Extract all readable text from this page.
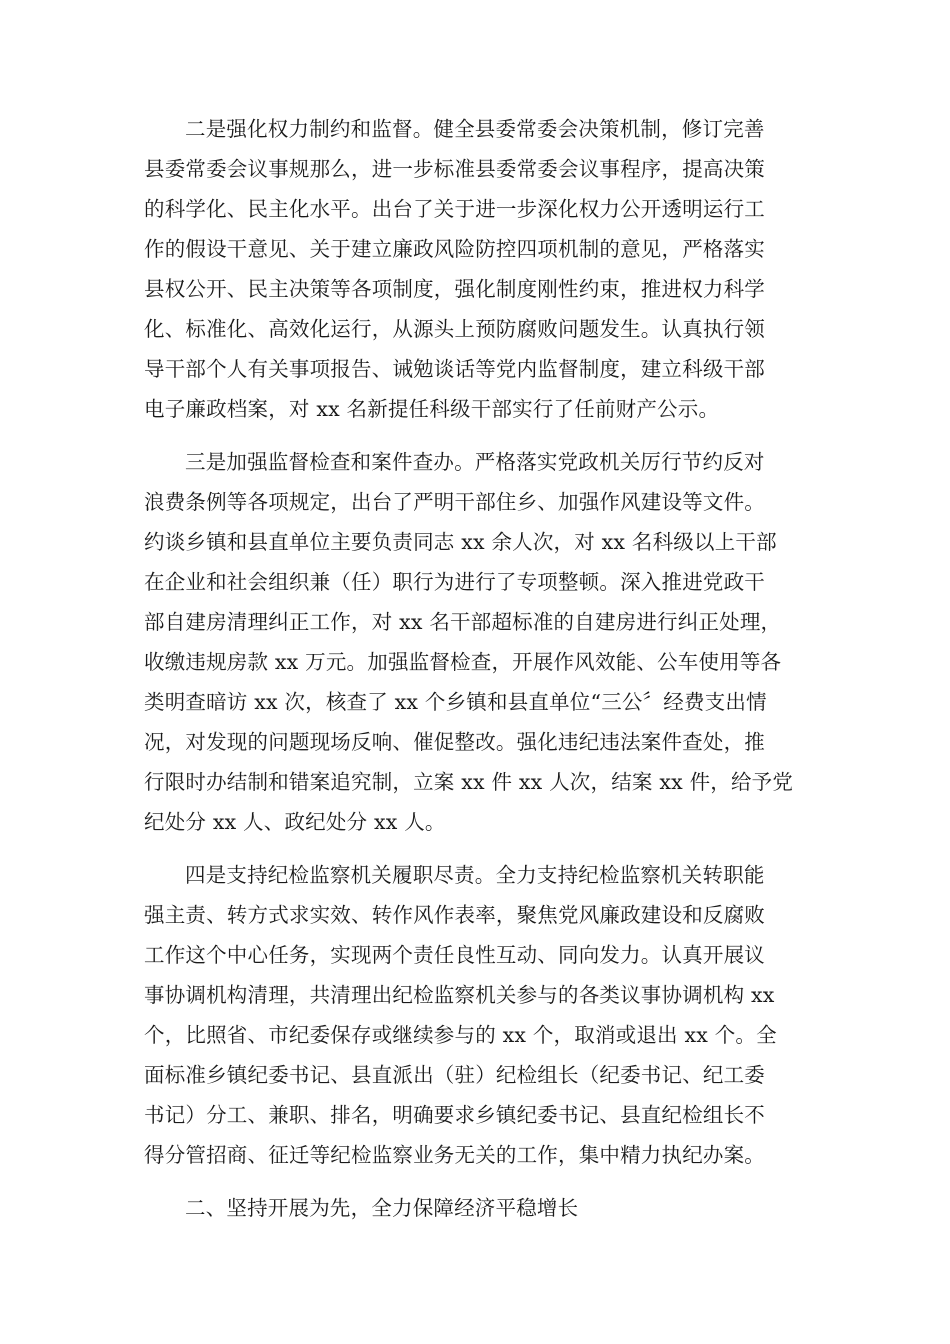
二是强化权力制约和监督。健全县委常委会决策机制，修订完善
县委常委会议事规那么，进一步标准县委常委会议事程序，提高决策
的科学化、民主化水平。出台了关于进一步深化权力公开透明运行工
作的假设干意见、关于建立廉政风险防控四项机制的意见，严格落实
县权公开、民主决策等各项制度，强化制度刚性约束，推进权力科学
化、标准化、高效化运行，从源头上预防腐败问题发生。认真执行领
导干部个人有关事项报告、诫勉谈话等党内监督制度，建立科级干部
电子廉政档案，对 xx 名新提任科级干部实行了任前财产公示。

三是加强监督检查和案件查办。严格落实党政机关厉行节约反对
浪费条例等各项规定，出台了严明干部住乡、加强作风建设等文件。
约谈乡镇和县直单位主要负责同志 xx 余人次，对 xx 名科级以上干部
在企业和社会组织兼（任）职行为进行了专项整顿。深入推进党政干
部自建房清理纠正工作，对 xx 名干部超标准的自建房进行纠正处理，
收缴违规房款 xx 万元。加强监督检查，开展作风效能、公车使用等各
类明查暗访 xx 次，核查了 xx 个乡镇和县直单位“三公〞经费支出情
况，对发现的问题现场反响、催促整改。强化违纪违法案件查处，推
行限时办结制和错案追究制，立案 xx 件 xx 人次，结案 xx 件，给予党
纪处分 xx 人、政纪处分 xx 人。

四是支持纪检监察机关履职尽责。全力支持纪检监察机关转职能
强主责、转方式求实效、转作风作表率，聚焦党风廉政建设和反腐败
工作这个中心任务，实现两个责任良性互动、同向发力。认真开展议
事协调机构清理，共清理出纪检监察机关参与的各类议事协调机构 xx
个，比照省、市纪委保存或继续参与的 xx 个，取消或退出 xx 个。全
面标准乡镇纪委书记、县直派出（驻）纪检组长（纪委书记、纪工委
书记）分工、兼职、排名，明确要求乡镇纪委书记、县直纪检组长不
得分管招商、征迁等纪检监察业务无关的工作，集中精力执纪办案。

二、坚持开展为先，全力保障经济平稳增长
